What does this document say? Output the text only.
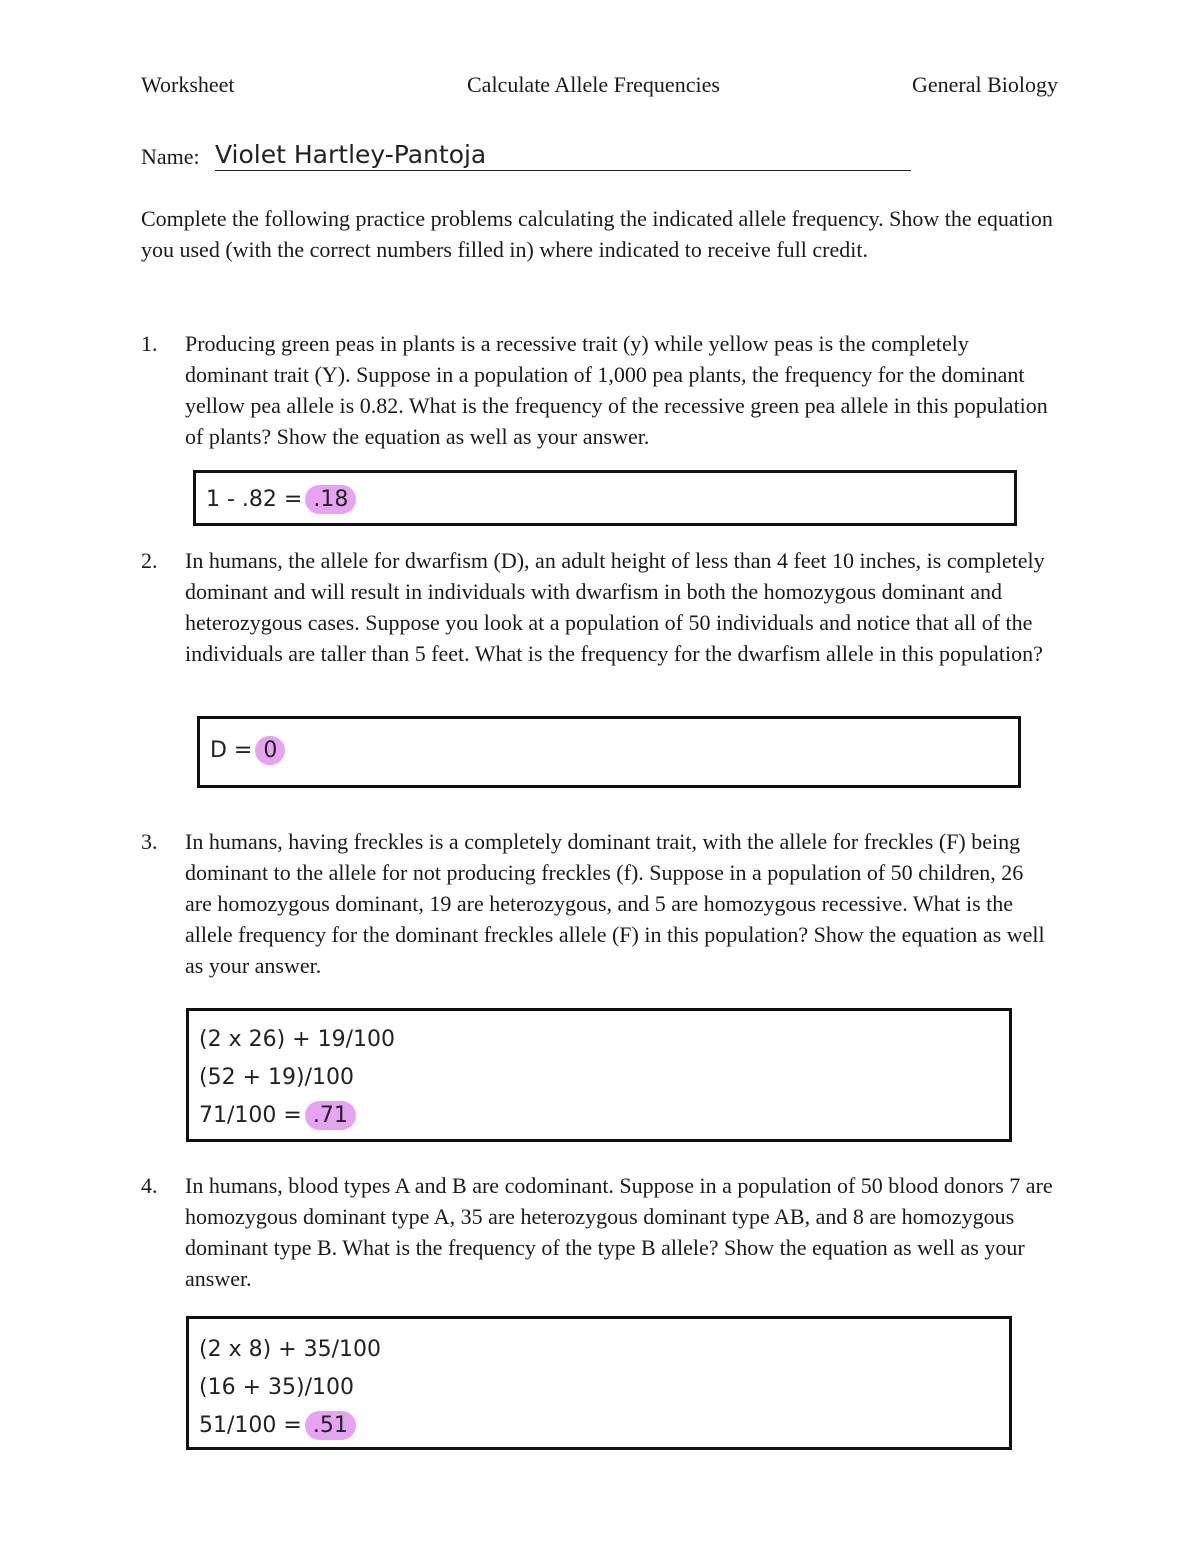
Worksheet	Calculate Allele Frequencies	General Biology
Name: Violet Hartley-Pantoja
Complete the following practice problems calculating the indicated allele frequency. Show the equation you used (with the correct numbers filled in) where indicated to receive full credit.
1. Producing green peas in plants is a recessive trait (y) while yellow peas is the completely dominant trait (Y). Suppose in a population of 1,000 pea plants, the frequency for the dominant yellow pea allele is 0.82. What is the frequency of the recessive green pea allele in this population of plants? Show the equation as well as your answer.
1 - .82 = .18
2. In humans, the allele for dwarfism (D), an adult height of less than 4 feet 10 inches, is completely dominant and will result in individuals with dwarfism in both the homozygous dominant and heterozygous cases. Suppose you look at a population of 50 individuals and notice that all of the individuals are taller than 5 feet. What is the frequency for the dwarfism allele in this population?
D = 0
3. In humans, having freckles is a completely dominant trait, with the allele for freckles (F) being dominant to the allele for not producing freckles (f). Suppose in a population of 50 children, 26 are homozygous dominant, 19 are heterozygous, and 5 are homozygous recessive. What is the allele frequency for the dominant freckles allele (F) in this population? Show the equation as well as your answer.
(2 x 26) + 19/100
(52 + 19)/100
71/100 = .71
4. In humans, blood types A and B are codominant. Suppose in a population of 50 blood donors 7 are homozygous dominant type A, 35 are heterozygous dominant type AB, and 8 are homozygous dominant type B. What is the frequency of the type B allele? Show the equation as well as your answer.
(2 x 8) + 35/100
(16 + 35)/100
51/100 = .51
